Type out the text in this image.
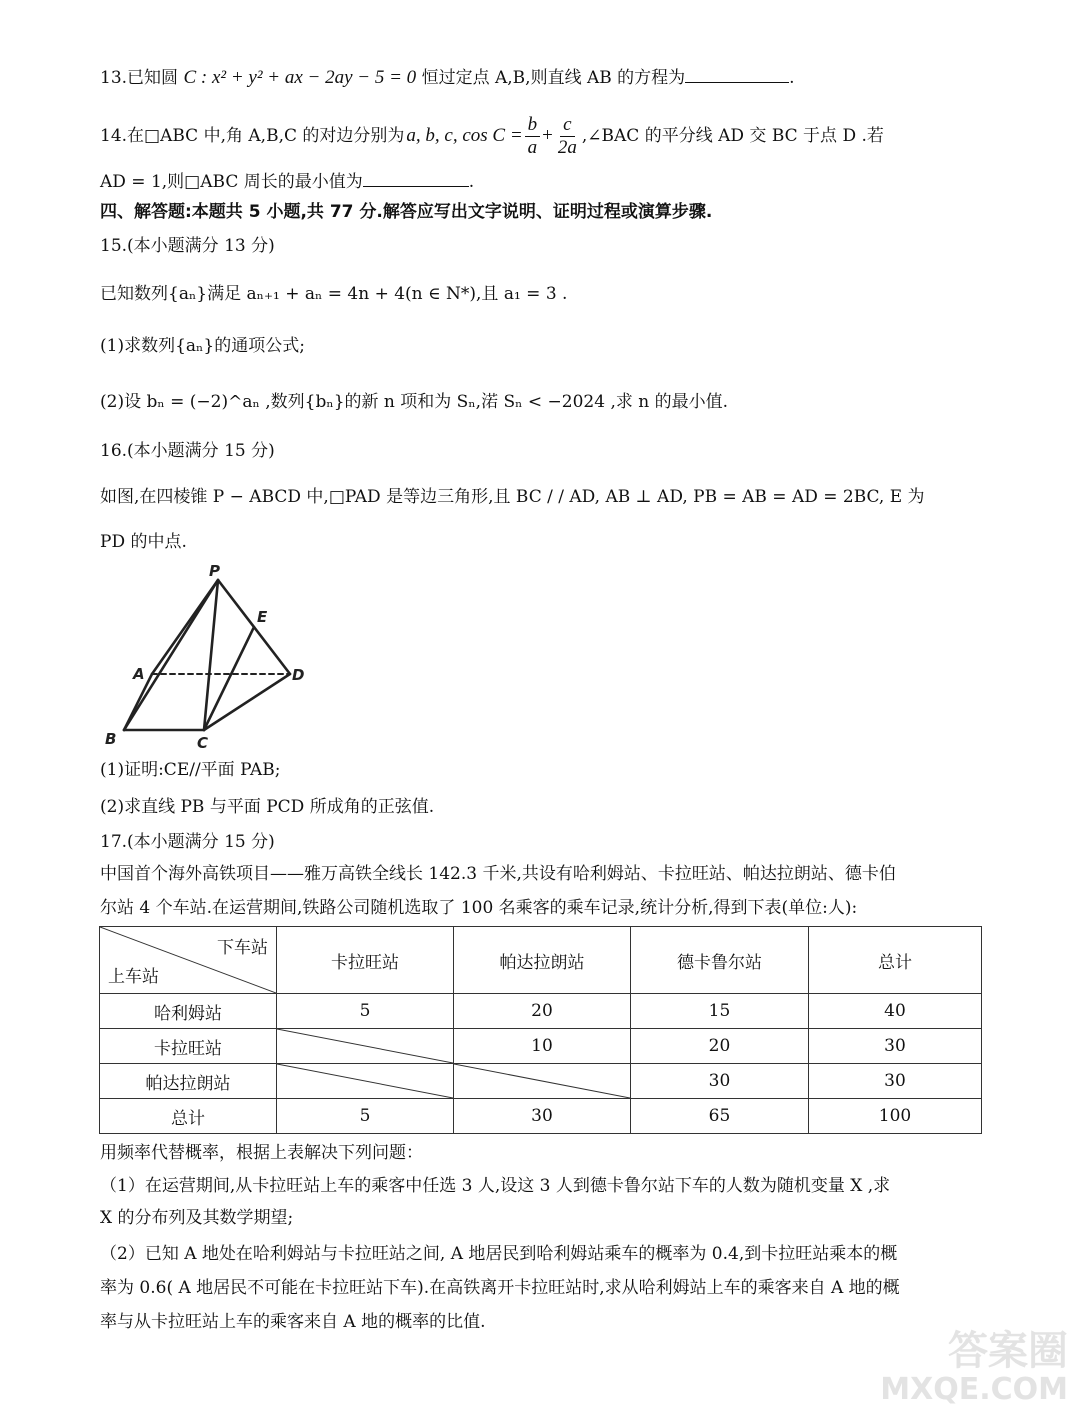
13.已知圆 C : x² + y² + ax − 2ay − 5 = 0 恒过定点 A,B,则直线 AB 的方程为	.
14.在□ABC 中,角 A,B,C 的对边分别为 a, b, c, $\cos C = \frac{b}{a} + \frac{c}{2a}$ ,∠BAC 的平分线 AD 交 BC 于点 D .若
AD = 1,则□ABC 周长的最小值为	.
四、解答题:本题共 5 小题,共 77 分.解答应写出文字说明、证明过程或演算步骤.
15.(本小题满分 13 分)
已知数列{aₙ}满足 aₙ₊₁ + aₙ = 4n + 4(n ∈ N*),且 a₁ = 3 .
(1)求数列{aₙ}的通项公式;
(2)设 bₙ = (−2)^aₙ ,数列{bₙ}的新 n 项和为 Sₙ,渃 Sₙ < −2024 ,求 n 的最小值.
16.(本小题满分 15 分)
如图,在四棱锥 P − ABCD 中,□PAD 是等边三角形,且 BC / / AD, AB ⊥ AD, PB = AB = AD = 2BC, E 为
PD 的中点.
P
E
A	D
B	C
(1)证明:CE//平面 PAB;
(2)求直线 PB 与平面 PCD 所成角的正弦值.
17.(本小题满分 15 分)
中国首个海外高铁项目——雅万高铁全线长 142.3 千米,共设有哈利姆站、卡拉旺站、帕达拉朗站、德卡伯
尔站 4 个车站.在运营期间,铁路公司随机选取了 100 名乘客的乘车记录,统计分析,得到下表(单位:人):
下车站
上车站	卡拉旺站	帕达拉朗站	德卡鲁尔站	总计
哈利姆站	5	20	15	40
卡拉旺站		10	20	30
帕达拉朗站			30	30
总计	5	30	65	100
用频率代替概率，根据上表解决下列问题：
（1）在运营期间,从卡拉旺站上车的乘客中任选 3 人,设这 3 人到德卡鲁尔站下车的人数为随机变量 X ,求
X 的分布列及其数学期望;
（2）已知 A 地处在哈利姆站与卡拉旺站之间, A 地居民到哈利姆站乘车的概率为 0.4,到卡拉旺站乘本的概
率为 0.6( A 地居民不可能在卡拉旺站下车).在高铁离开卡拉旺站时,求从哈利姆站上车的乘客来自 A 地的概
率与从卡拉旺站上车的乘客来自 A 地的概率的比值.
答案圈
MXQE.COM
